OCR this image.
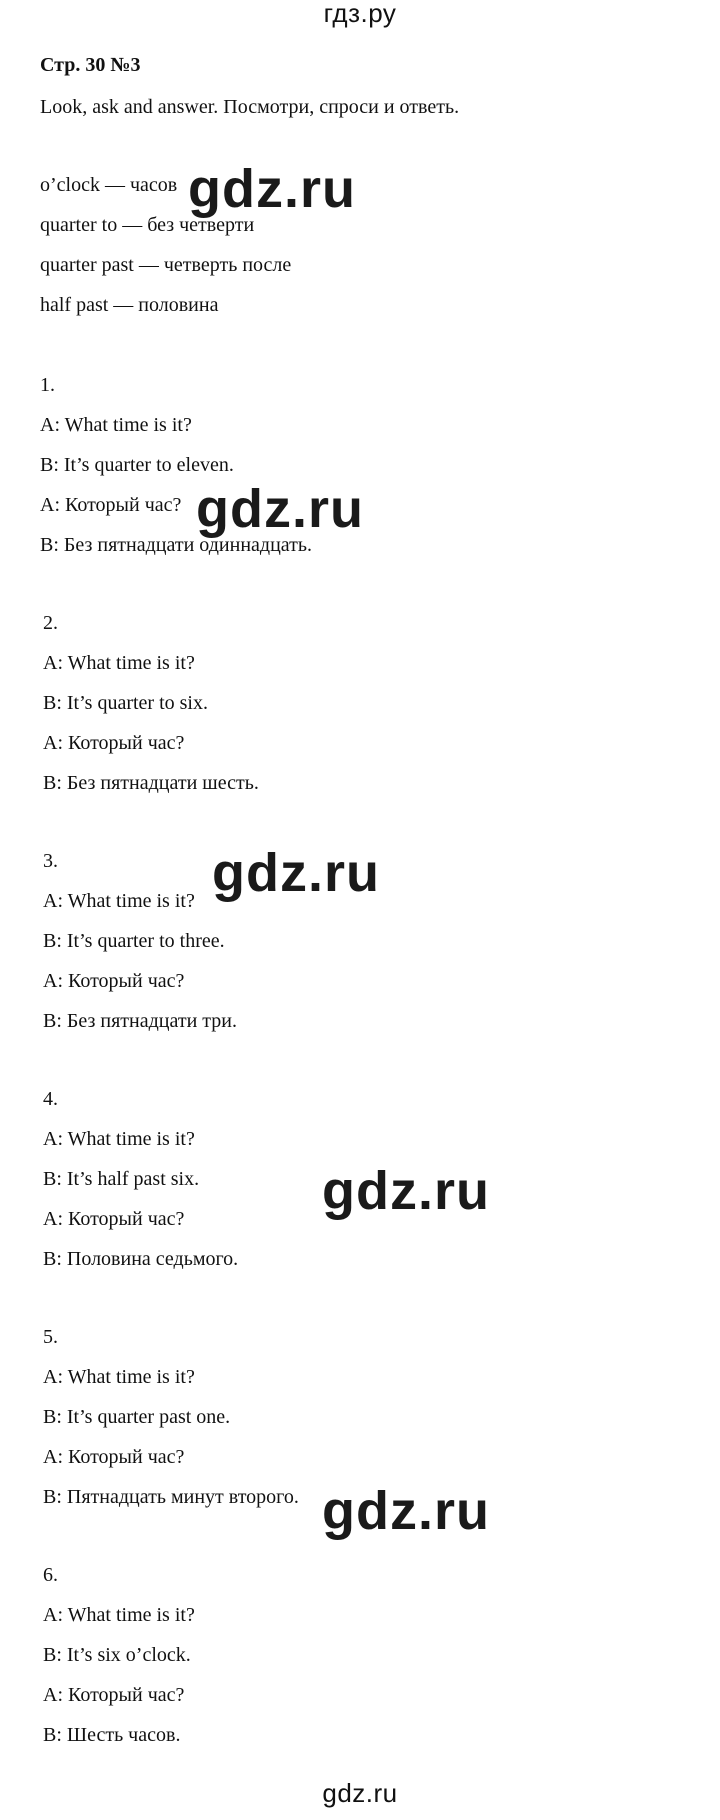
гдз.ру
Стр. 30 №3
Look, ask and answer. Посмотри, спроси и ответь.
o’clock — часов
quarter to — без четверти
quarter past — четверть после
half past — половина
1.
A: What time is it?
B: It’s quarter to eleven.
A: Который час?
B: Без пятнадцати одиннадцать.
2.
A: What time is it?
B: It’s quarter to six.
A: Который час?
B: Без пятнадцати шесть.
3.
A: What time is it?
B: It’s quarter to three.
A: Который час?
B: Без пятнадцати три.
4.
A: What time is it?
B: It’s half past six.
A: Который час?
B: Половина седьмого.
5.
A: What time is it?
B: It’s quarter past one.
A: Который час?
B: Пятнадцать минут второго.
6.
A: What time is it?
B: It’s six o’clock.
A: Который час?
B: Шесть часов.
gdz.ru
gdz.ru
gdz.ru
gdz.ru
gdz.ru
gdz.ru
